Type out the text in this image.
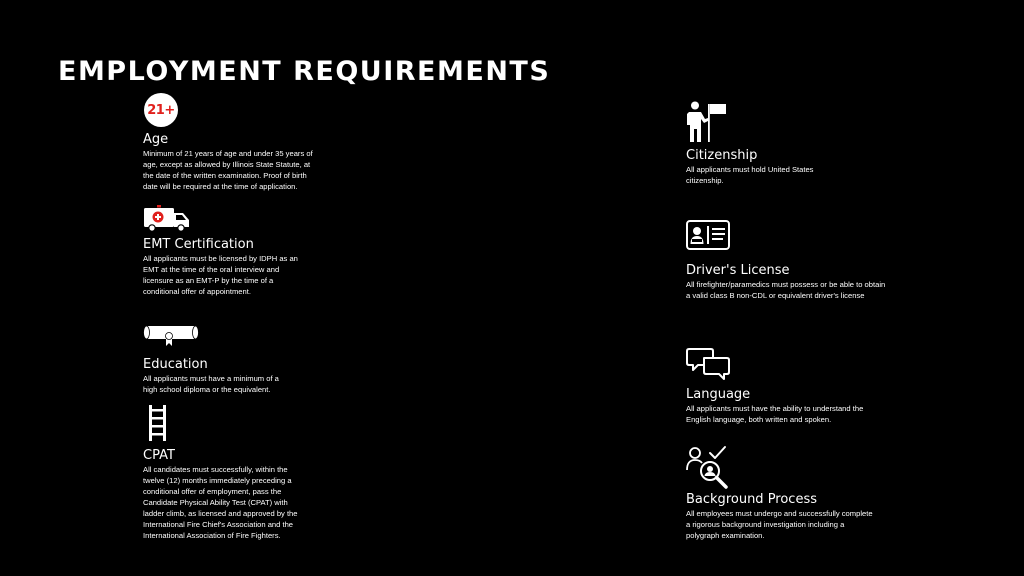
EMPLOYMENT REQUIREMENTS
21+
Age

Minimum of 21 years of age and under 35 years of age, except as allowed by Illinois State Statute, at the date of the written examination. Proof of birth date will be required at the time of application.

EMT Certification

All applicants must be licensed by IDPH as an EMT at the time of the oral interview and licensure as an EMT-P by the time of a conditional offer of appointment.

Education

All applicants must have a minimum of a high school diploma or the equivalent.

CPAT

All candidates must successfully, within the twelve (12) months immediately preceding a conditional offer of employment, pass the Candidate Physical Ability Test (CPAT) with ladder climb, as licensed and approved by the International Fire Chief's Association and the International Association of Fire Fighters.

Citizenship

All applicants must hold United States citizenship.

Driver's License

All firefighter/paramedics must possess or be able to obtain a valid class B non-CDL or equivalent driver's license

Language

All applicants must have the ability to understand the English language, both written and spoken.

Background Process

All employees must undergo and successfully complete a rigorous background investigation including a polygraph examination.
